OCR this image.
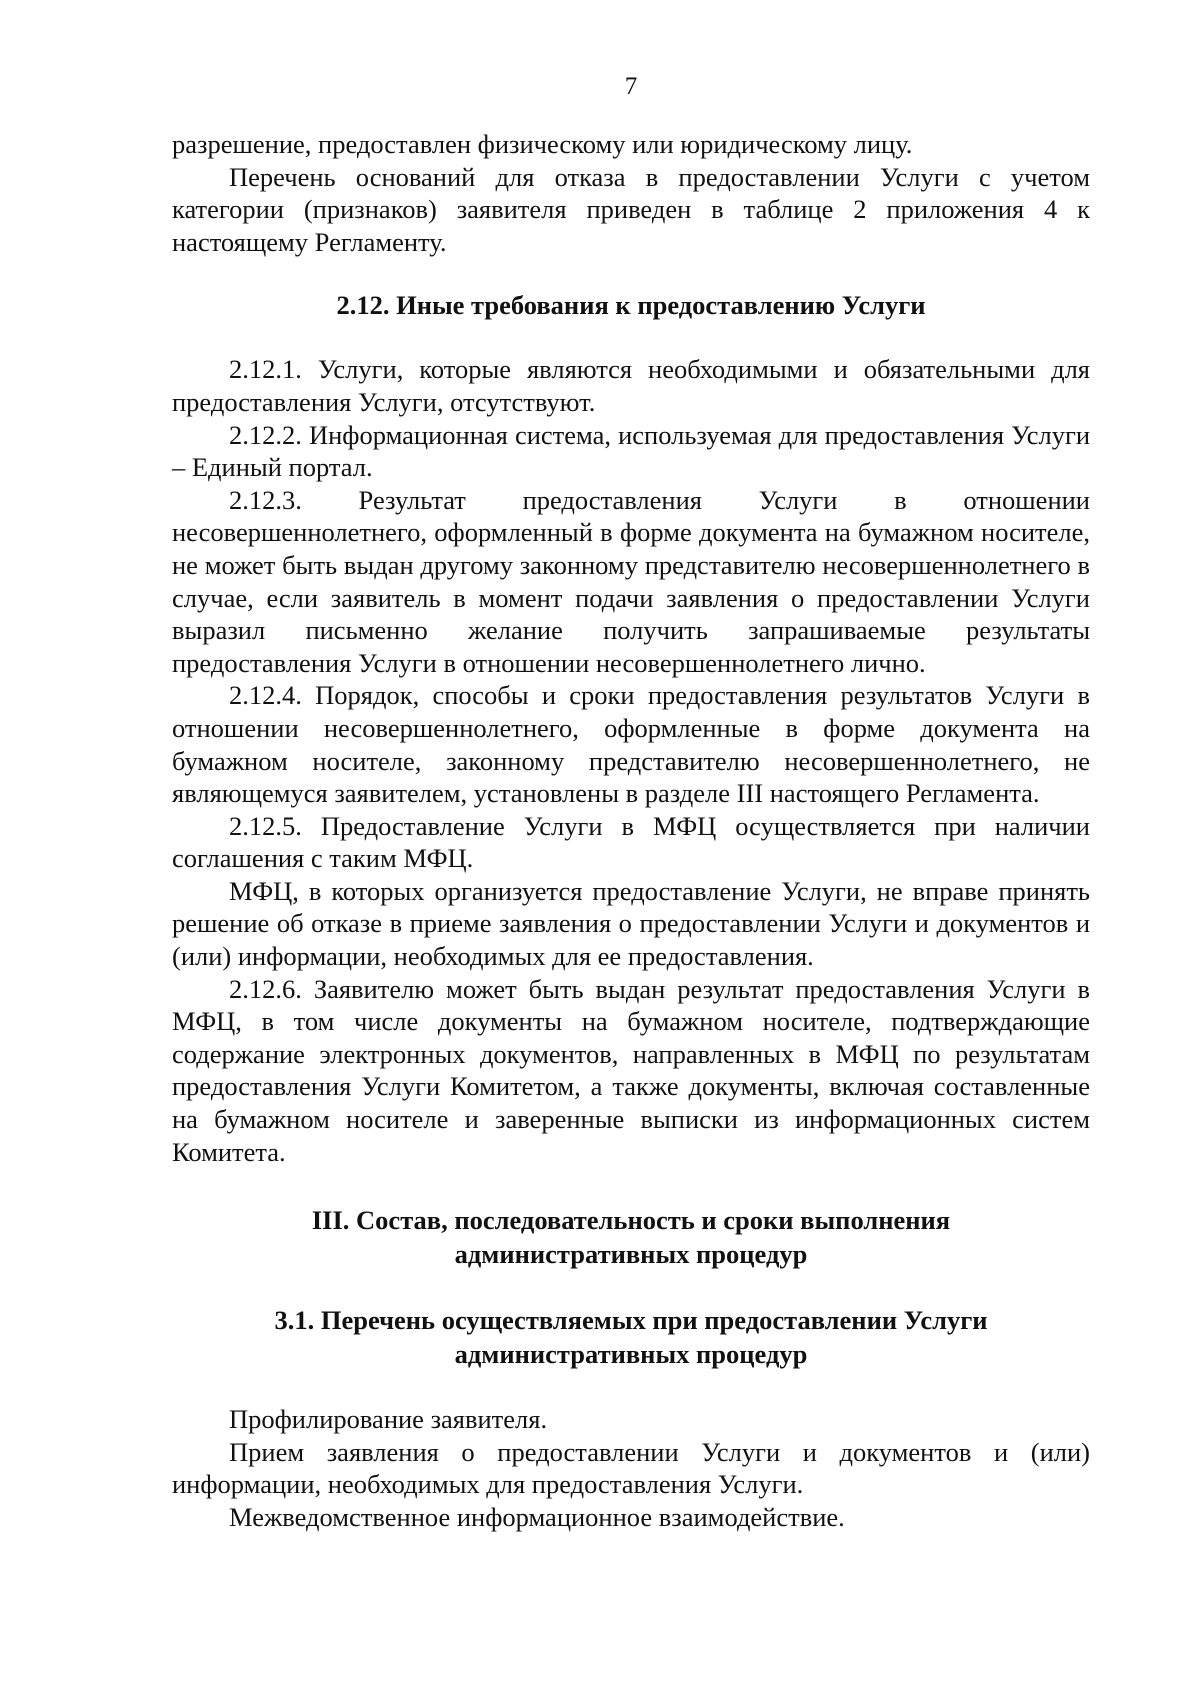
7

разрешение, предоставлен физическому или юридическому лицу.

Перечень оснований для отказа в предоставлении Услуги с учетом категории (признаков) заявителя приведен в таблице 2 приложения 4 к настоящему Регламенту.

2.12. Иные требования к предоставлению Услуги

2.12.1. Услуги, которые являются необходимыми и обязательными для предоставления Услуги, отсутствуют.

2.12.2. Информационная система, используемая для предоставления Услуги – Единый портал.

2.12.3. Результат предоставления Услуги в отношении несовершеннолетнего, оформленный в форме документа на бумажном носителе, не может быть выдан другому законному представителю несовершеннолетнего в случае, если заявитель в момент подачи заявления о предоставлении Услуги выразил письменно желание получить запрашиваемые результаты предоставления Услуги в отношении несовершеннолетнего лично.

2.12.4. Порядок, способы и сроки предоставления результатов Услуги в отношении несовершеннолетнего, оформленные в форме документа на бумажном носителе, законному представителю несовершеннолетнего, не являющемуся заявителем, установлены в разделе III настоящего Регламента.

2.12.5. Предоставление Услуги в МФЦ осуществляется при наличии соглашения с таким МФЦ.

МФЦ, в которых организуется предоставление Услуги, не вправе принять решение об отказе в приеме заявления о предоставлении Услуги и документов и (или) информации, необходимых для ее предоставления.

2.12.6. Заявителю может быть выдан результат предоставления Услуги в МФЦ, в том числе документы на бумажном носителе, подтверждающие содержание электронных документов, направленных в МФЦ по результатам предоставления Услуги Комитетом, а также документы, включая составленные на бумажном носителе и заверенные выписки из информационных систем Комитета.

III. Состав, последовательность и сроки выполнения
административных процедур
3.1. Перечень осуществляемых при предоставлении Услуги
административных процедур

Профилирование заявителя.

Прием заявления о предоставлении Услуги и документов и (или) информации, необходимых для предоставления Услуги.

Межведомственное информационное взаимодействие.
